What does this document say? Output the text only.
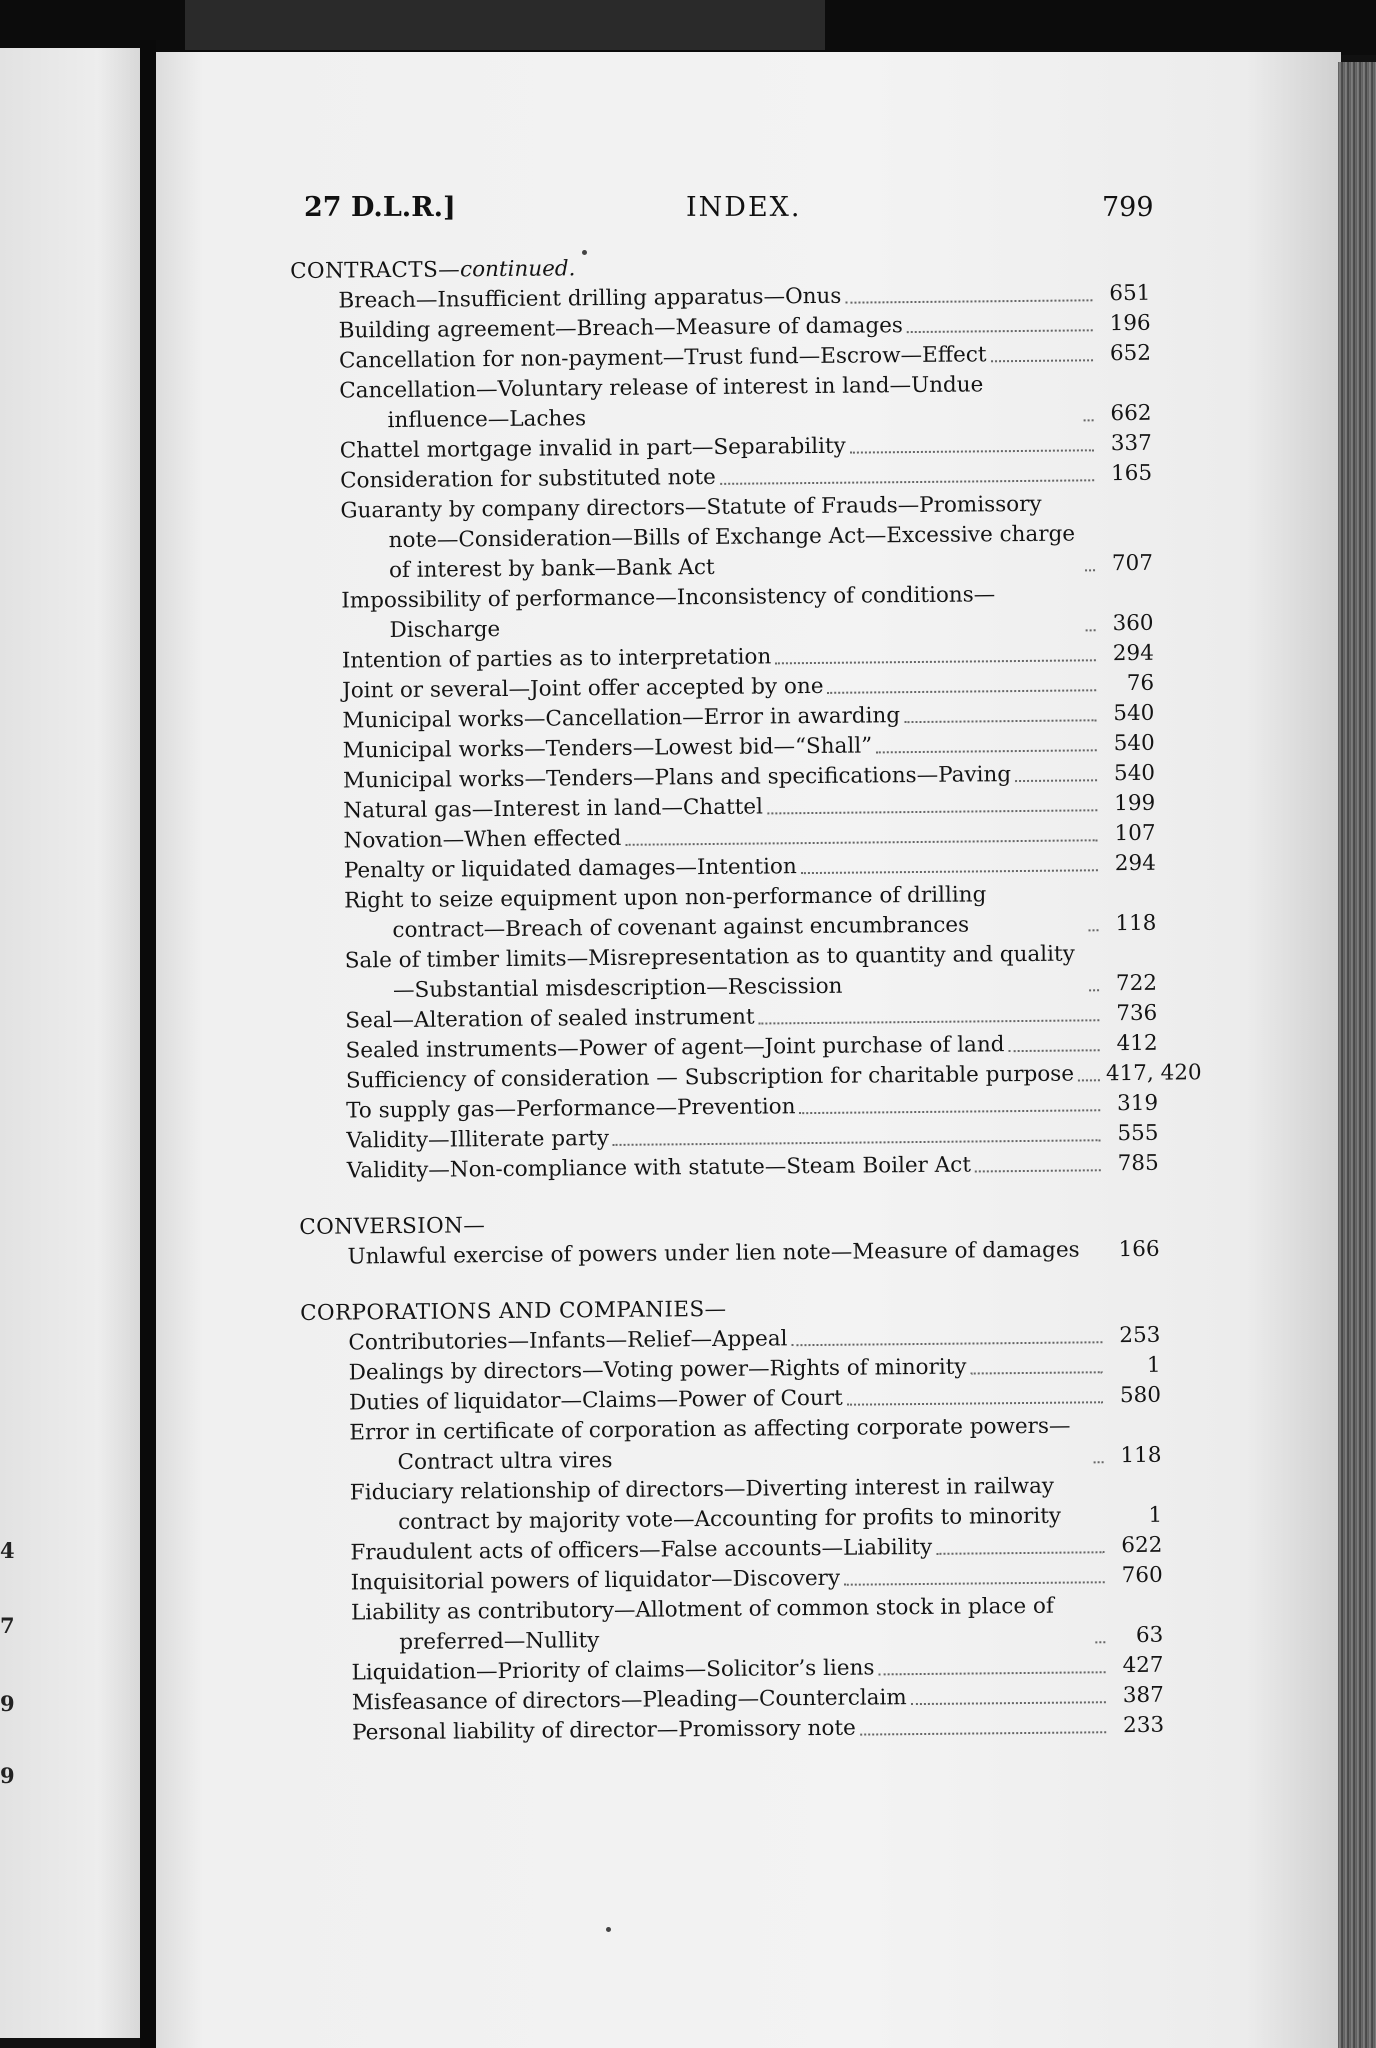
4
7
9
9
27 D.L.R.]	INDEX.	799
CONTRACTS—continued.
Breach—Insufficient drilling apparatus—Onus	651
Building agreement—Breach—Measure of damages	196
Cancellation for non-payment—Trust fund—Escrow—Effect	652
Cancellation—Voluntary release of interest in land—Undue influence—Laches	662
Chattel mortgage invalid in part—Separability	337
Consideration for substituted note	165
Guaranty by company directors—Statute of Frauds—Promissory note—Consideration—Bills of Exchange Act—Excessive charge of interest by bank—Bank Act	707
Impossibility of performance—Inconsistency of conditions—Discharge	360
Intention of parties as to interpretation	294
Joint or several—Joint offer accepted by one	76
Municipal works—Cancellation—Error in awarding	540
Municipal works—Tenders—Lowest bid—“Shall”	540
Municipal works—Tenders—Plans and specifications—Paving	540
Natural gas—Interest in land—Chattel	199
Novation—When effected	107
Penalty or liquidated damages—Intention	294
Right to seize equipment upon non-performance of drilling contract—Breach of covenant against encumbrances	118
Sale of timber limits—Misrepresentation as to quantity and quality —Substantial misdescription—Rescission	722
Seal—Alteration of sealed instrument	736
Sealed instruments—Power of agent—Joint purchase of land	412
Sufficiency of consideration — Subscription for charitable purpose 417, 420
To supply gas—Performance—Prevention	319
Validity—Illiterate party	555
Validity—Non-compliance with statute—Steam Boiler Act	785
CONVERSION—
Unlawful exercise of powers under lien note—Measure of damages	166
CORPORATIONS AND COMPANIES—
Contributories—Infants—Relief—Appeal	253
Dealings by directors—Voting power—Rights of minority	1
Duties of liquidator—Claims—Power of Court	580
Error in certificate of corporation as affecting corporate powers—Contract ultra vires	118
Fiduciary relationship of directors—Diverting interest in railway contract by majority vote—Accounting for profits to minority	1
Fraudulent acts of officers—False accounts—Liability	622
Inquisitorial powers of liquidator—Discovery	760
Liability as contributory—Allotment of common stock in place of preferred—Nullity	63
Liquidation—Priority of claims—Solicitor’s liens	427
Misfeasance of directors—Pleading—Counterclaim	387
Personal liability of director—Promissory note	233
